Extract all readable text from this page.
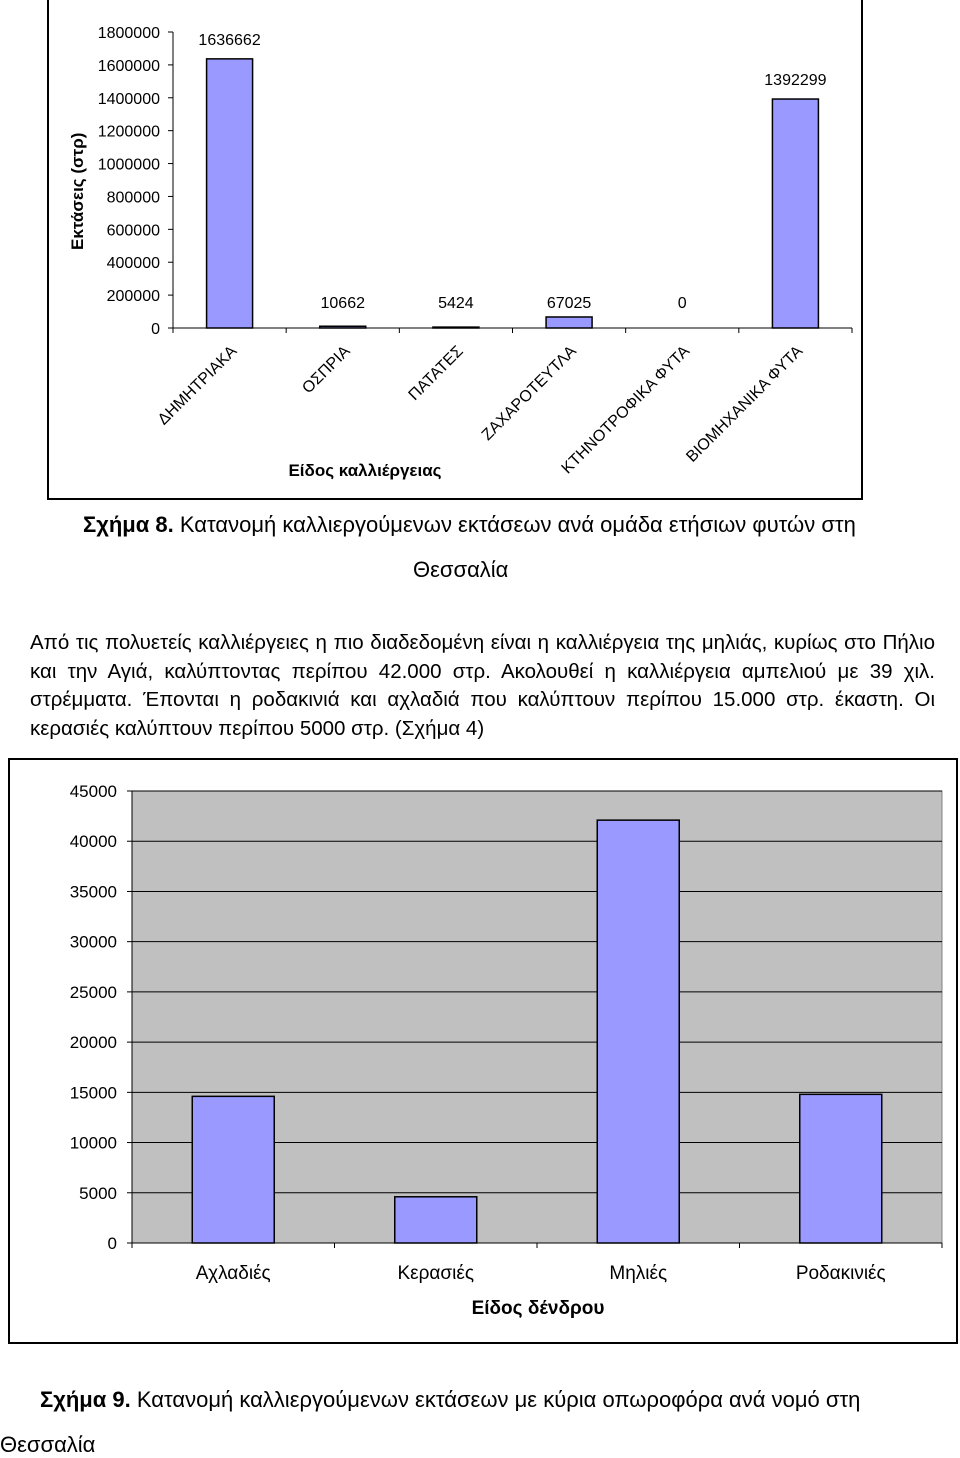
Εκτάσεις (στρ)
Είδος καλλιέργειας
0
200000
400000
600000
800000
1000000
1200000
1400000
1600000
1800000 1636662
ΔΗΜΗΤΡΙΑΚΑ
10662
ΟΣΠΡΙΑ
5424
ΠΑΤΑΤΕΣ
67025
ΖΑΧΑΡΟΤΕΥΤΛΑ
0
ΚΤΗΝΟΤΡΟΦΙΚΑ ΦΥΤΑ
1392299
ΒΙΟΜΗΧΑΝΙΚΑ ΦΥΤΑ
Σχήμα 8. Κατανομή καλλιεργούμενων εκτάσεων ανά ομάδα ετήσιων φυτών στη
Θεσσαλία
Από τις πολυετείς καλλιέργειες η πιο διαδεδομένη είναι η καλλιέργεια της μηλιάς, κυρίως στο Πήλιο και την Αγιά, καλύπτοντας περίπου 42.000 στρ. Ακολουθεί η καλλιέργεια αμπελιού με 39 χιλ. στρέμματα. Έπονται η ροδακινιά και αχλαδιά που καλύπτουν περίπου 15.000 στρ. έκαστη. Οι κερασιές καλύπτουν περίπου 5000 στρ. (Σχήμα 4)
Είδος δένδρου
0
5000
10000
15000
20000
25000
30000
35000
40000
45000
Αχλαδιές	Κερασιές	Μηλιές	Ροδακινιές
Σχήμα 9. Κατανομή καλλιεργούμενων εκτάσεων με κύρια οπωροφόρα ανά νομό στη
Θεσσαλία
